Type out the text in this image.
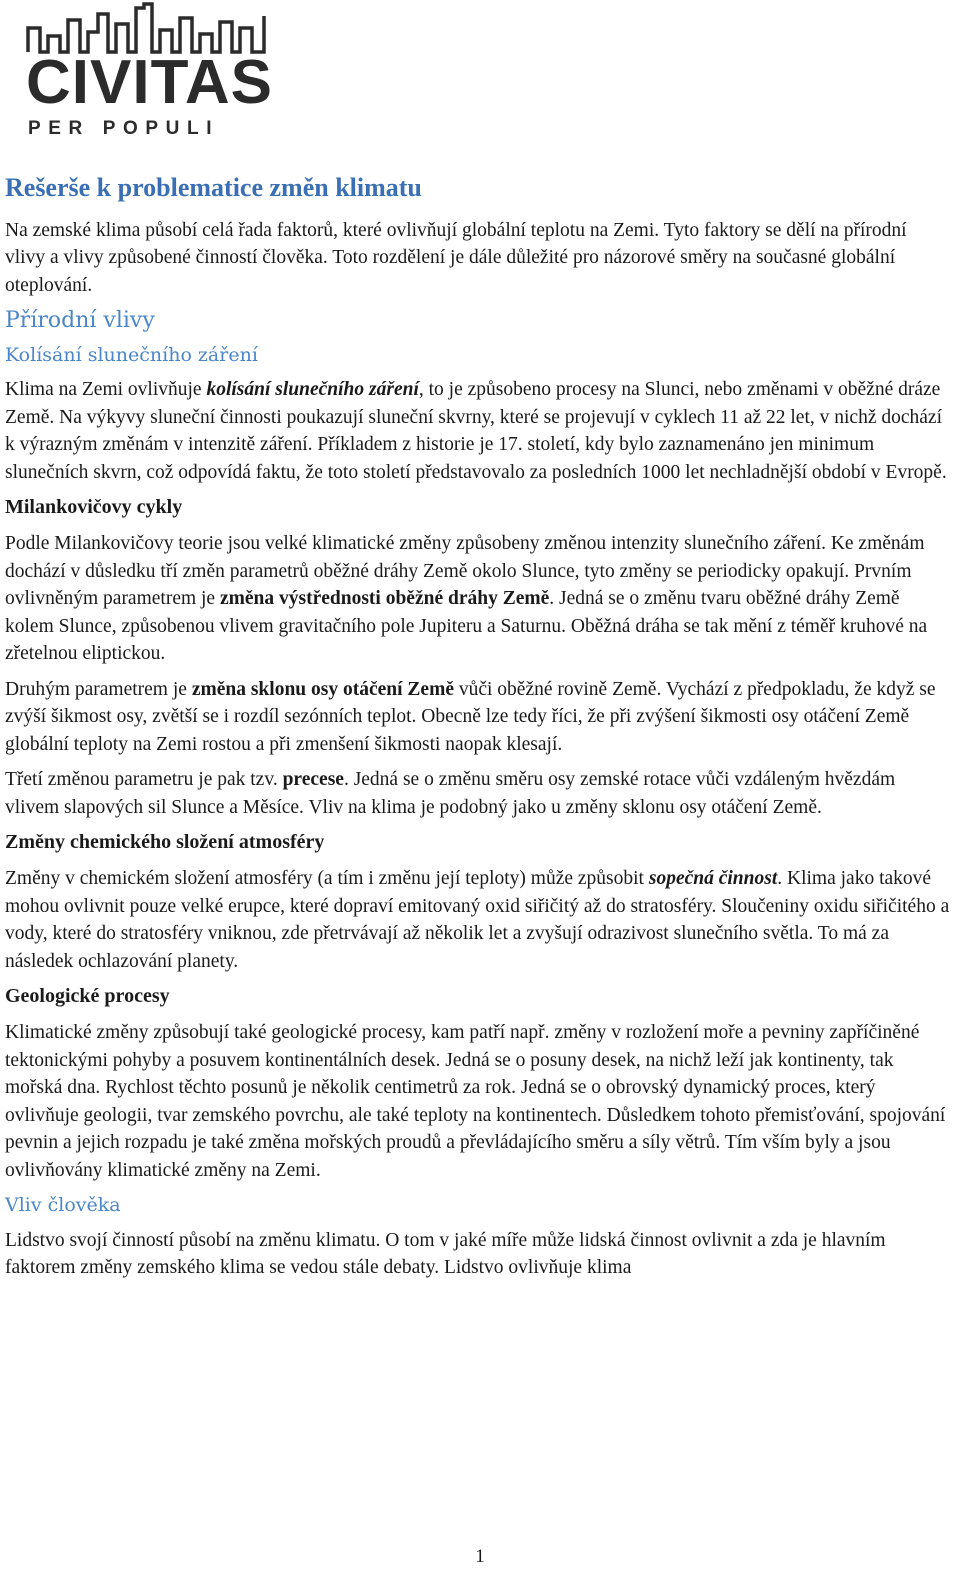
CIVITAS
PER POPULI
Rešerše k problematice změn klimatu

Na zemské klima působí celá řada faktorů, které ovlivňují globální teplotu na Zemi. Tyto faktory se dělí na přírodní vlivy a vlivy způsobené činností člověka. Toto rozdělení je dále důležité pro názorové směry na současné globální oteplování.

Přírodní vlivy
Kolísání slunečního záření

Klima na Zemi ovlivňuje kolísání slunečního záření, to je způsobeno procesy na Slunci, nebo změnami v oběžné dráze Země. Na výkyvy sluneční činnosti poukazují sluneční skvrny, které se projevují v cyklech 11 až 22 let, v nichž dochází k výrazným změnám v intenzitě záření. Příkladem z historie je 17. století, kdy bylo zaznamenáno jen minimum slunečních skvrn, což odpovídá faktu, že toto století představovalo za posledních 1000 let nechladnější období v Evropě.

Milankovičovy cykly

Podle Milankovičovy teorie jsou velké klimatické změny způsobeny změnou intenzity slunečního záření. Ke změnám dochází v důsledku tří změn parametrů oběžné dráhy Země okolo Slunce, tyto změny se periodicky opakují. Prvním ovlivněným parametrem je změna výstřednosti oběžné dráhy Země. Jedná se o změnu tvaru oběžné dráhy Země kolem Slunce, způsobenou vlivem gravitačního pole Jupiteru a Saturnu. Oběžná dráha se tak mění z téměř kruhové na zřetelnou eliptickou.

Druhým parametrem je změna sklonu osy otáčení Země vůči oběžné rovině Země. Vychází z předpokladu, že když se zvýší šikmost osy, zvětší se i rozdíl sezónních teplot. Obecně lze tedy říci, že při zvýšení šikmosti osy otáčení Země globální teploty na Zemi rostou a při zmenšení šikmosti naopak klesají.

Třetí změnou parametru je pak tzv. precese. Jedná se o změnu směru osy zemské rotace vůči vzdáleným hvězdám vlivem slapových sil Slunce a Měsíce. Vliv na klima je podobný jako u změny sklonu osy otáčení Země.

Změny chemického složení atmosféry

Změny v chemickém složení atmosféry (a tím i změnu její teploty) může způsobit sopečná činnost. Klima jako takové mohou ovlivnit pouze velké erupce, které dopraví emitovaný oxid siřičitý až do stratosféry. Sloučeniny oxidu siřičitého a vody, které do stratosféry vniknou, zde přetrvávají až několik let a zvyšují odrazivost slunečního světla. To má za následek ochlazování planety.

Geologické procesy

Klimatické změny způsobují také geologické procesy, kam patří např. změny v rozložení moře a pevniny zapříčiněné tektonickými pohyby a posuvem kontinentálních desek. Jedná se o posuny desek, na nichž leží jak kontinenty, tak mořská dna. Rychlost těchto posunů je několik centimetrů za rok. Jedná se o obrovský dynamický proces, který ovlivňuje geologii, tvar zemského povrchu, ale také teploty na kontinentech. Důsledkem tohoto přemisťování, spojování pevnin a jejich rozpadu je také změna mořských proudů a převládajícího směru a síly větrů. Tím vším byly a jsou ovlivňovány klimatické změny na Zemi.

Vliv člověka

Lidstvo svojí činností působí na změnu klimatu. O tom v jaké míře může lidská činnost ovlivnit a zda je hlavním faktorem změny zemského klima se vedou stále debaty. Lidstvo ovlivňuje klima

1
